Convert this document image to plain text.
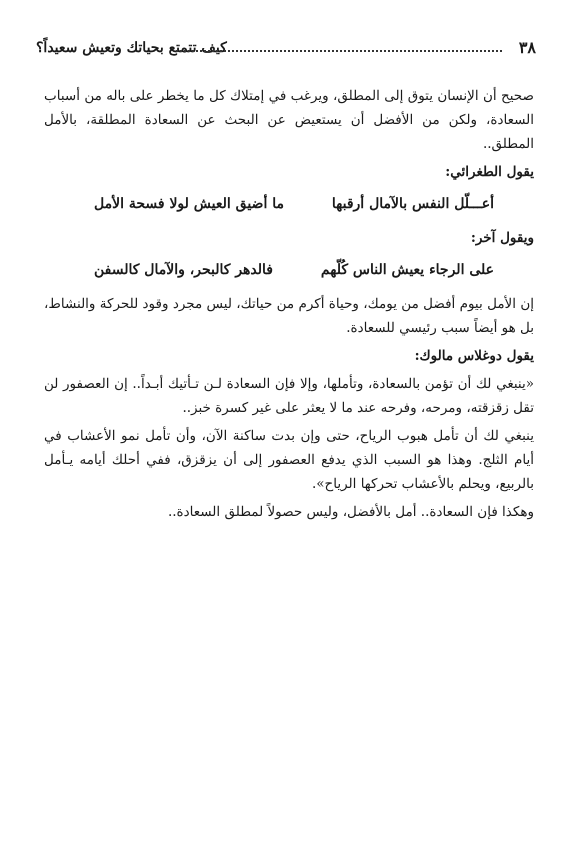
كيف تتمتع بحياتك وتعيش سعيداً؟	٣٨

صحيح أن الإنسان يتوق إلى المطلق، ويرغب في إمتلاك كل ما يخطر على باله من أسباب السعادة، ولكن من الأفضل أن يستعيض عن البحث عن السعادة المطلقة، بالأمل المطلق..

يقول الطغرائي:

أعـــلّل النفس بالآمال أرقبها
ما أضيق العيش لولا فسحة الأمل

ويقول آخر:

على الرجاء يعيش الناس كُلّهم
فالدهر كالبحر، والآمال كالسفن

إن الأمل بيوم أفضل من يومك، وحياة أكرم من حياتك، ليس مجرد وقود للحركة والنشاط، بل هو أيضاً سبب رئيسي للسعادة.

يقول دوغلاس مالوك:

«ينبغي لك أن تؤمن بالسعادة، وتأملها، وإلا فإن السعادة لـن تـأتيك أبـداً.. إن العصفور لن تقل زقزقته، ومرحه، وفرحه عند ما لا يعثر على غير كسرة خبز..

ينبغي لك أن تأمل هبوب الرياح، حتى وإن بدت ساكنة الآن، وأن تأمل نمو الأعشاب في أيام الثلج. وهذا هو السبب الذي يدفع العصفور إلى أن يزقزق، ففي أحلك أيامه يـأمل بالربيع، ويحلم بالأعشاب تحركها الرياح».

وهكذا فإن السعادة.. أمل بالأفضل، وليس حصولاً لمطلق السعادة..
